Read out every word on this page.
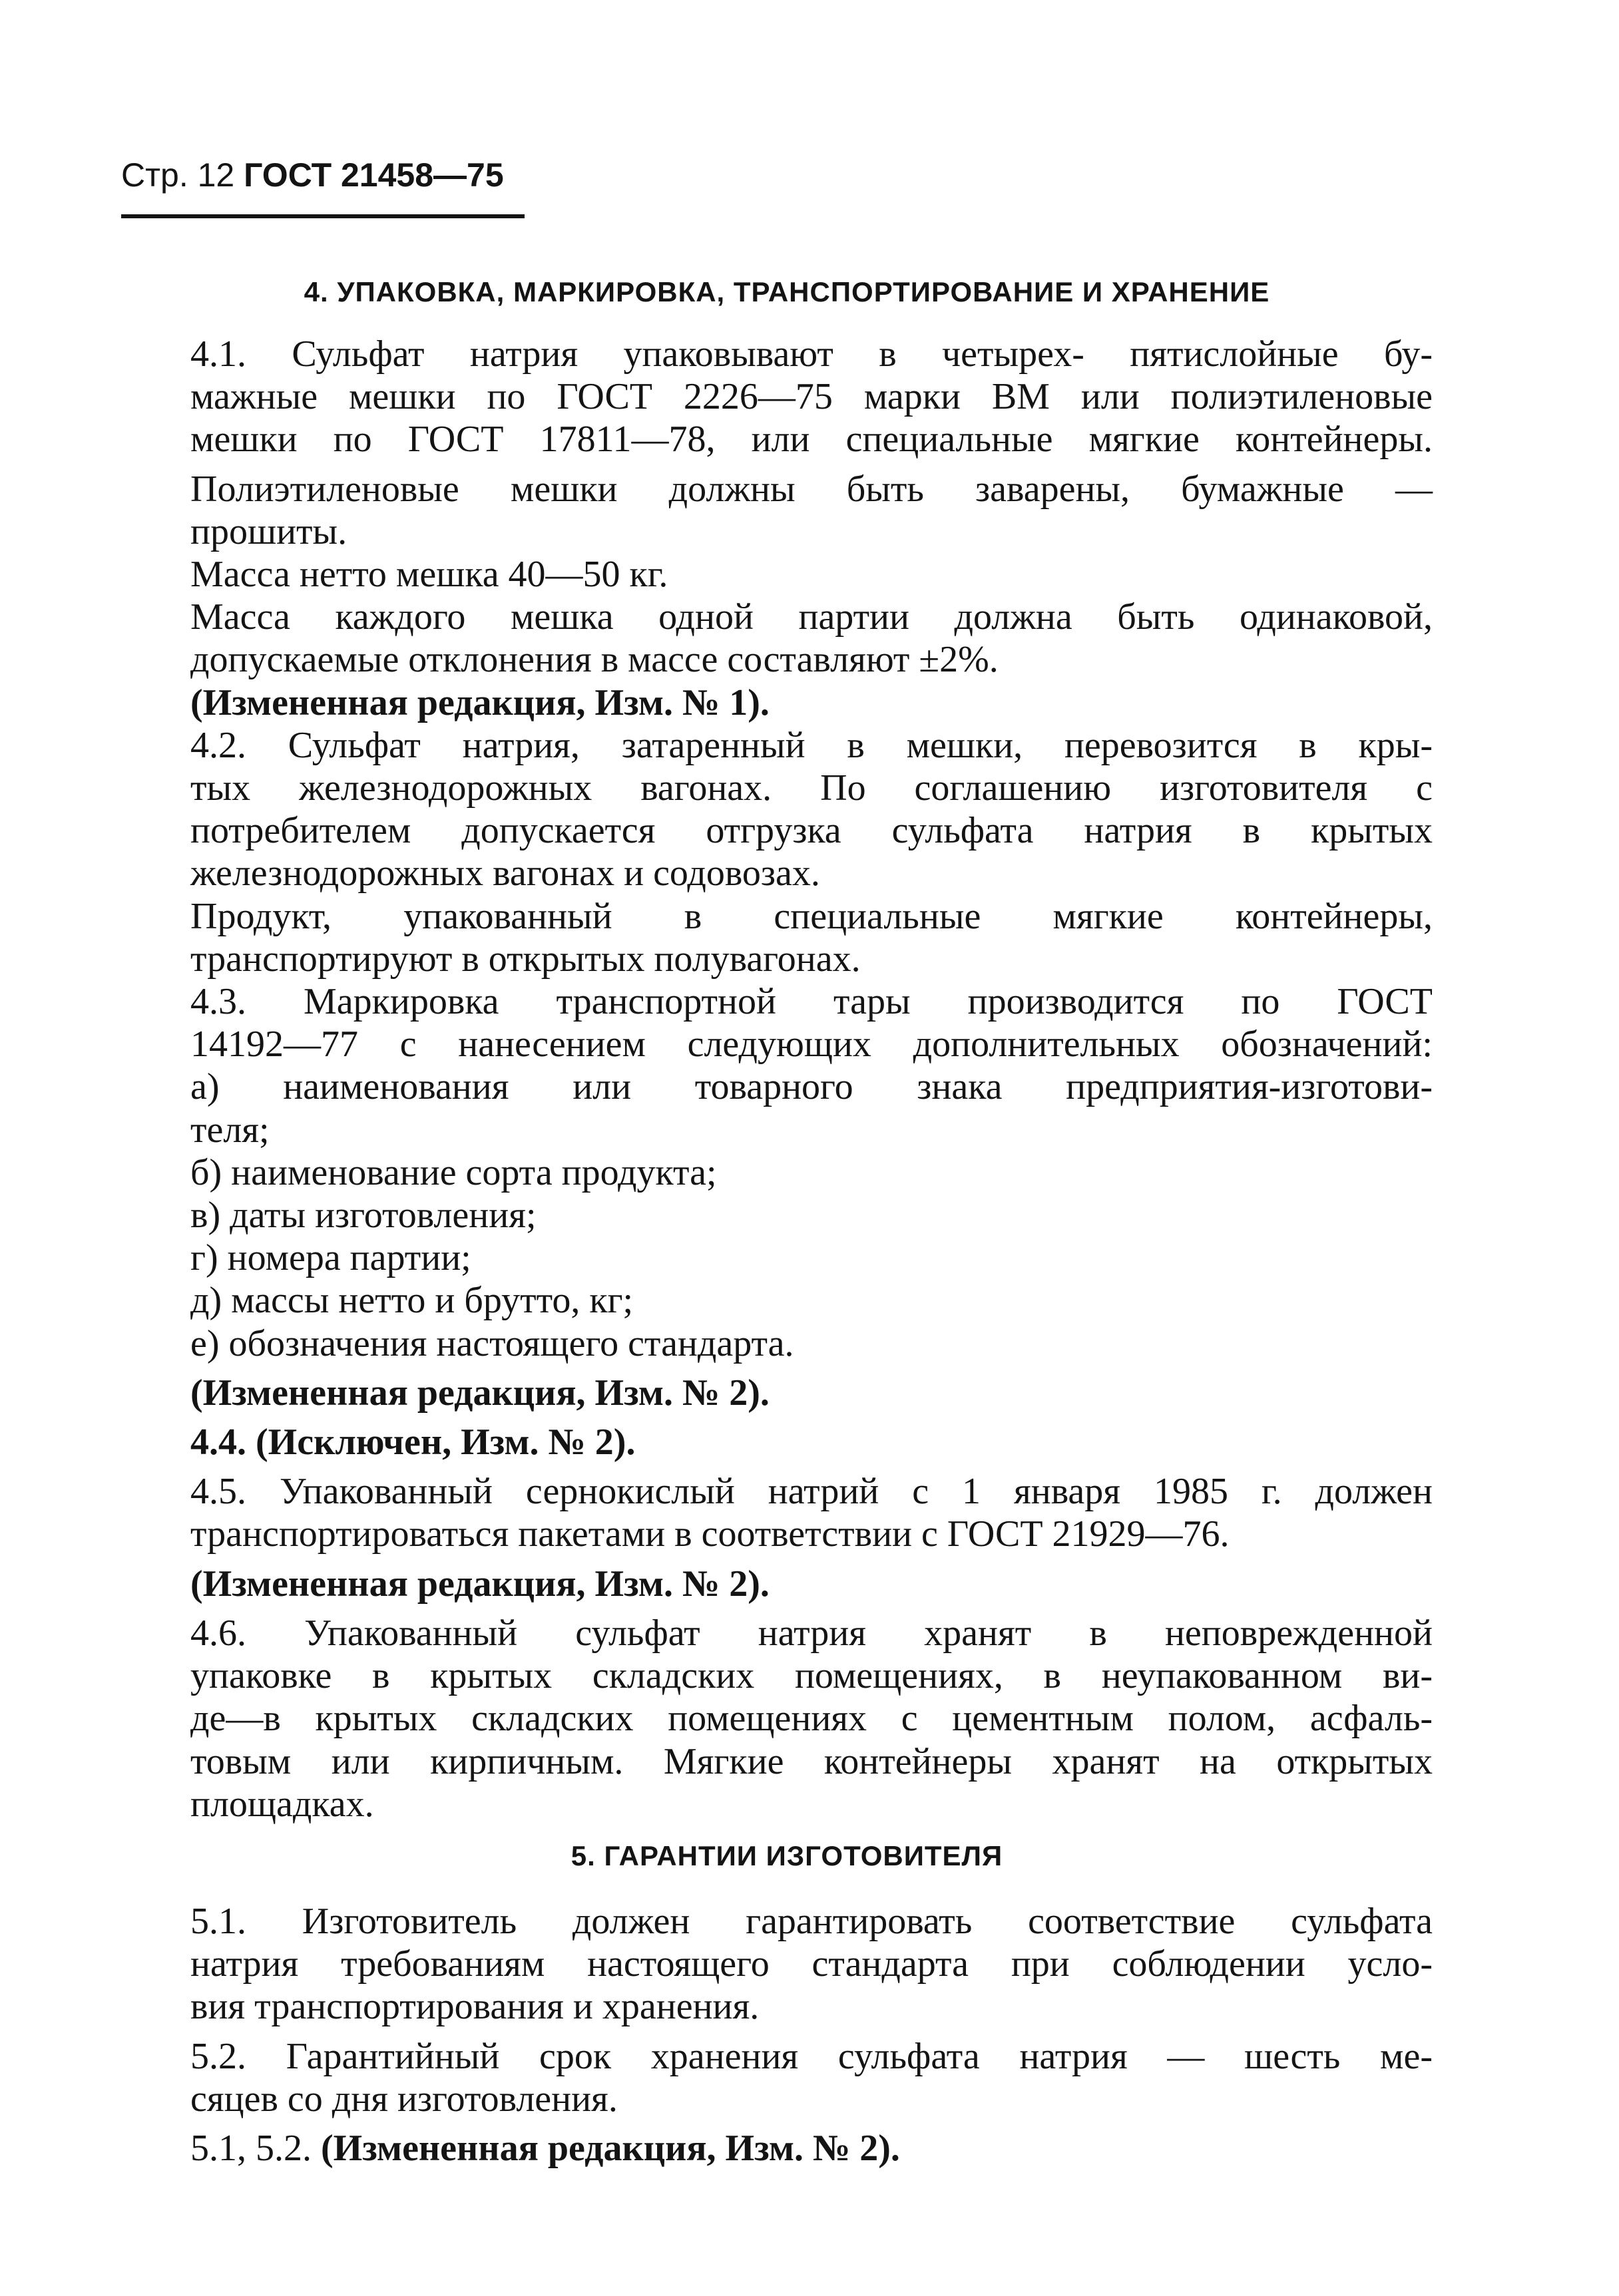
Стр. 12 ГОСТ 21458—75
4. УПАКОВКА, МАРКИРОВКА, ТРАНСПОРТИРОВАНИЕ И ХРАНЕНИЕ

4.1. Сульфат натрия упаковывают в четырех- пятислойные бу-
мажные мешки по ГОСТ 2226—75 марки ВМ или полиэтиленовые
мешки по ГОСТ 17811—78, или специальные мягкие контейнеры.

Полиэтиленовые мешки должны быть заварены, бумажные —
прошиты.

Масса нетто мешка 40—50 кг.

Масса каждого мешка одной партии должна быть одинаковой,
допускаемые отклонения в массе составляют ±2%.

(Измененная редакция, Изм. № 1).

4.2. Сульфат натрия, затаренный в мешки, перевозится в кры-
тых железнодорожных вагонах. По соглашению изготовителя с
потребителем допускается отгрузка сульфата натрия в крытых
железнодорожных вагонах и содовозах.

Продукт, упакованный в специальные мягкие контейнеры,
транспортируют в открытых полувагонах.

4.3. Маркировка транспортной тары производится по ГОСТ
14192—77 с нанесением следующих дополнительных обозначений:

а) наименования или товарного знака предприятия-изготови-
теля;

б) наименование сорта продукта;

в) даты изготовления;

г) номера партии;

д) массы нетто и брутто, кг;

е) обозначения настоящего стандарта.

(Измененная редакция, Изм. № 2).

4.4. (Исключен, Изм. № 2).

4.5. Упакованный сернокислый натрий с 1 января 1985 г. должен
транспортироваться пакетами в соответствии с ГОСТ 21929—76.

(Измененная редакция, Изм. № 2).

4.6. Упакованный сульфат натрия хранят в неповрежденной
упаковке в крытых складских помещениях, в неупакованном ви-
де—в крытых складских помещениях с цементным полом, асфаль-
товым или кирпичным. Мягкие контейнеры хранят на открытых
площадках.

5. ГАРАНТИИ ИЗГОТОВИТЕЛЯ

5.1. Изготовитель должен гарантировать соответствие сульфата
натрия требованиям настоящего стандарта при соблюдении усло-
вия транспортирования и хранения.

5.2. Гарантийный срок хранения сульфата натрия — шесть ме-
сяцев со дня изготовления.

5.1, 5.2. (Измененная редакция, Изм. № 2).
